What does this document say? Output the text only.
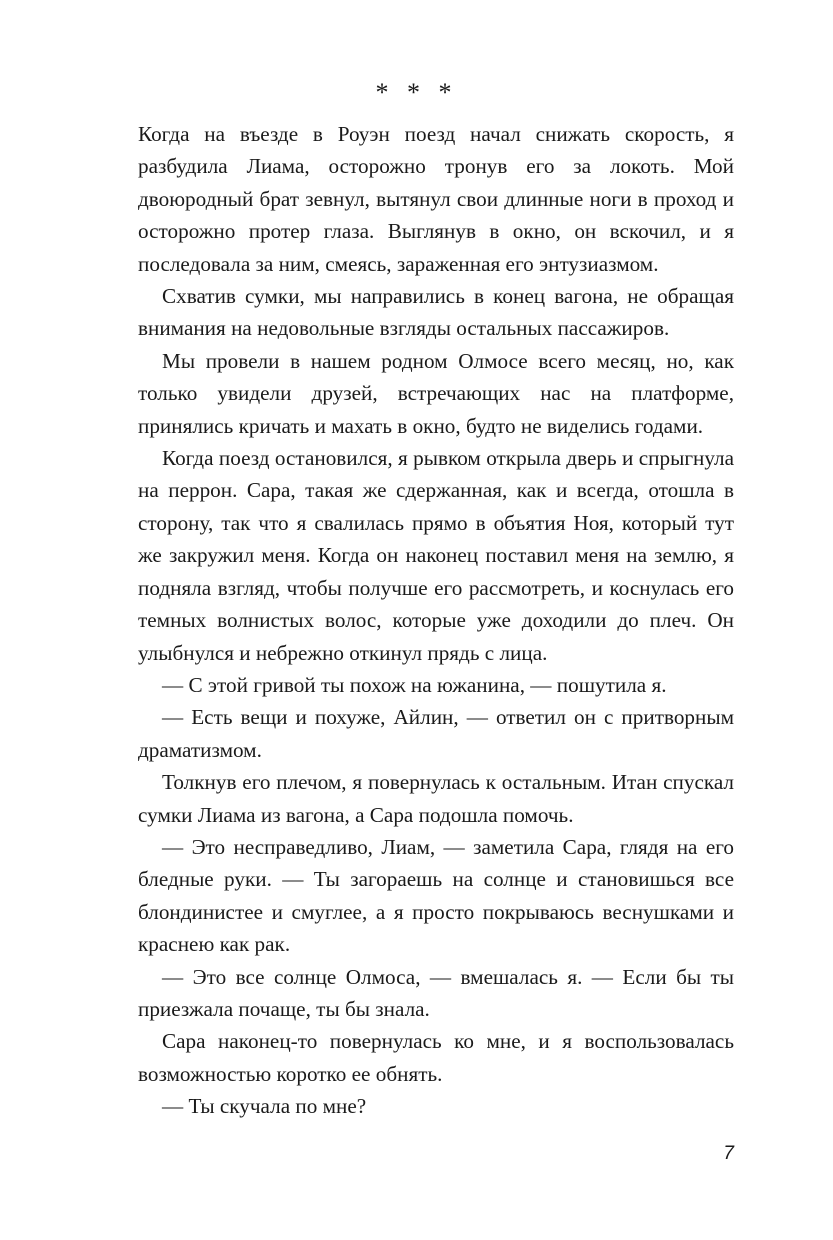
* * *

Когда на въезде в Роуэн поезд начал снижать скорость, я разбудила Лиама, осторожно тронув его за локоть. Мой двоюродный брат зевнул, вытянул свои длинные ноги в проход и осторожно протер глаза. Выглянув в окно, он вскочил, и я последовала за ним, смеясь, зараженная его энтузиазмом.

Схватив сумки, мы направились в конец вагона, не обращая внимания на недовольные взгляды остальных пассажиров.

Мы провели в нашем родном Олмосе всего месяц, но, как только увидели друзей, встречающих нас на платформе, принялись кричать и махать в окно, будто не виделись годами.

Когда поезд остановился, я рывком открыла дверь и спрыгнула на перрон. Сара, такая же сдержанная, как и всегда, отошла в сторону, так что я свалилась прямо в объятия Ноя, который тут же закружил меня. Когда он наконец поставил меня на землю, я подняла взгляд, чтобы получше его рассмотреть, и коснулась его темных волнистых волос, которые уже доходили до плеч. Он улыбнулся и небрежно откинул прядь с лица.

— С этой гривой ты похож на южанина, — пошутила я.

— Есть вещи и похуже, Айлин, — ответил он с притворным драматизмом.

Толкнув его плечом, я повернулась к остальным. Итан спускал сумки Лиама из вагона, а Сара подошла помочь.

— Это несправедливо, Лиам, — заметила Сара, глядя на его бледные руки. — Ты загораешь на солнце и становишься все блондинистее и смуглее, а я просто покрываюсь веснушками и краснею как рак.

— Это все солнце Олмоса, — вмешалась я. — Если бы ты приезжала почаще, ты бы знала.

Сара наконец-то повернулась ко мне, и я воспользовалась возможностью коротко ее обнять.

— Ты скучала по мне?

7
